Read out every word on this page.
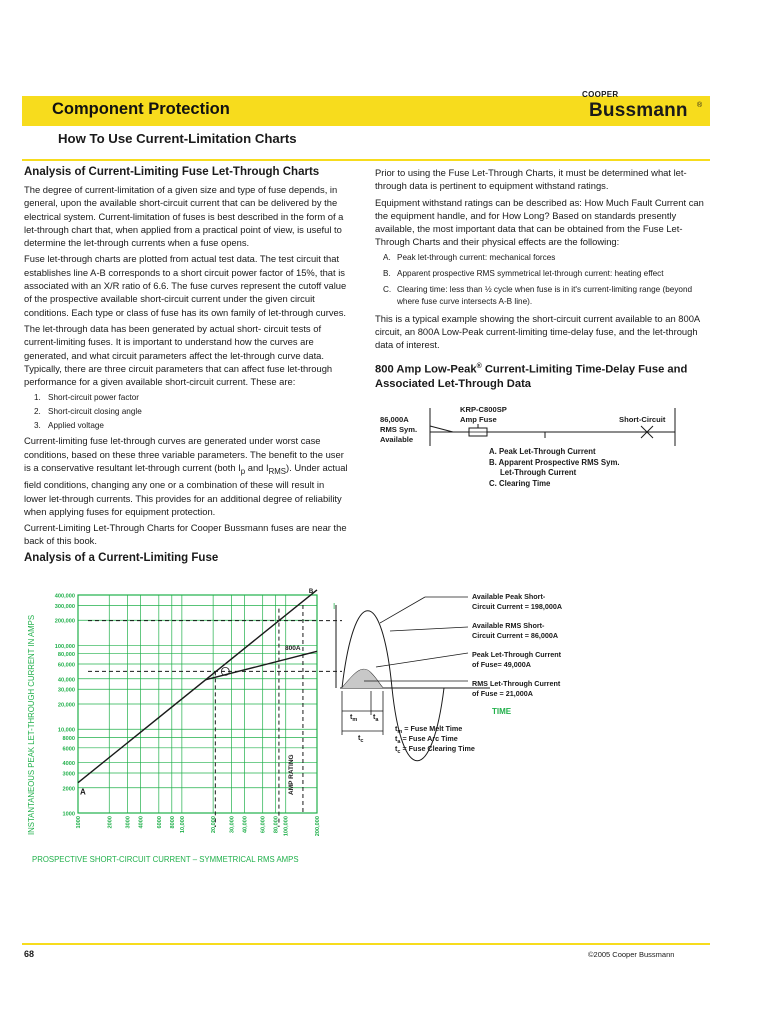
Component Protection
COOPER
Bussmann ®
How To Use Current-Limitation Charts
Analysis of Current-Limiting Fuse Let-Through Charts

The degree of current-limitation of a given size and type of fuse depends, in general, upon the available short-circuit current that can be delivered by the electrical system. Current-limitation of fuses is best described in the form of a let-through chart that, when applied from a practical point of view, is useful to determine the let-through currents when a fuse opens.

Fuse let-through charts are plotted from actual test data. The test circuit that establishes line A-B corresponds to a short circuit power factor of 15%, that is associated with an X/R ratio of 6.6. The fuse curves represent the cutoff value of the prospective available short-circuit current under the given circuit conditions. Each type or class of fuse has its own family of let-through curves.

The let-through data has been generated by actual short- circuit tests of current-limiting fuses. It is important to understand how the curves are generated, and what circuit parameters affect the let-through curve data. Typically, there are three circuit parameters that can affect fuse let-through performance for a given available short-circuit current. These are:

1. Short-circuit power factor
2. Short-circuit closing angle
3. Applied voltage

Current-limiting fuse let-through curves are generated under worst case conditions, based on these three variable parameters. The benefit to the user is a conservative resultant let-through current (both $I_p$ and $I_{RMS}$). Under actual field conditions, changing any one or a combination of these will result in lower let-through currents. This provides for an additional degree of reliability when applying fuses for equipment protection.

Current-Limiting Let-Through Charts for Cooper Bussmann fuses are near the back of this book.

Analysis of a Current-Limiting Fuse

Prior to using the Fuse Let-Through Charts, it must be determined what let-through data is pertinent to equipment withstand ratings.

Equipment withstand ratings can be described as: How Much Fault Current can the equipment handle, and for How Long? Based on standards presently available, the most important data that can be obtained from the Fuse Let-Through Charts and their physical effects are the following:

A. Peak let-through current: mechanical forces
B. Apparent prospective RMS symmetrical let-through current: heating effect
C. Clearing time: less than ½ cycle when fuse is in it's current-limiting range (beyond where fuse curve intersects A-B line).

This is a typical example showing the short-circuit current available to an 800A circuit, an 800A Low-Peak current-limiting time-delay fuse, and the let-through data of interest.

800 Amp Low-Peak® Current-Limiting Time-Delay Fuse and Associated Let-Through Data
86,000A
RMS Sym.
Available
KRP-C800SP
Amp Fuse	Short-Circuit
A. Peak Let-Through Current
B. Apparent Prospective RMS Sym.
Let-Through Current
C. Clearing Time
INSTANTANEOUS PEAK LET-THROUGH CURRENT IN AMPS
PROSPECTIVE SHORT-CIRCUIT CURRENT – SYMMETRICAL RMS AMPS
1000
2000
3000
4000
6000
8000
10,000
20,000
30,000
40,000
60,000
80,000
100,000
200,000
300,000
400,000
1000	2000 3000 4000 6000 8000 10,000	20,000 30,000 40,000 60,000 80,000 100,000	200,000
A
B
800A
AMP RATING
I
TIME
Available Peak Short-
Circuit Current = 198,000A
Available RMS Short-
Circuit Current = 86,000A
Peak Let-Through Current
of Fuse= 49,000A
RMS Let-Through Current
of Fuse = 21,000A
$t_m$ $t_a$
$t_c$
$t_m$ = Fuse Melt Time
$t_a$ = Fuse Arc Time
$t_c$ = Fuse Clearing Time
68	©2005 Cooper Bussmann
